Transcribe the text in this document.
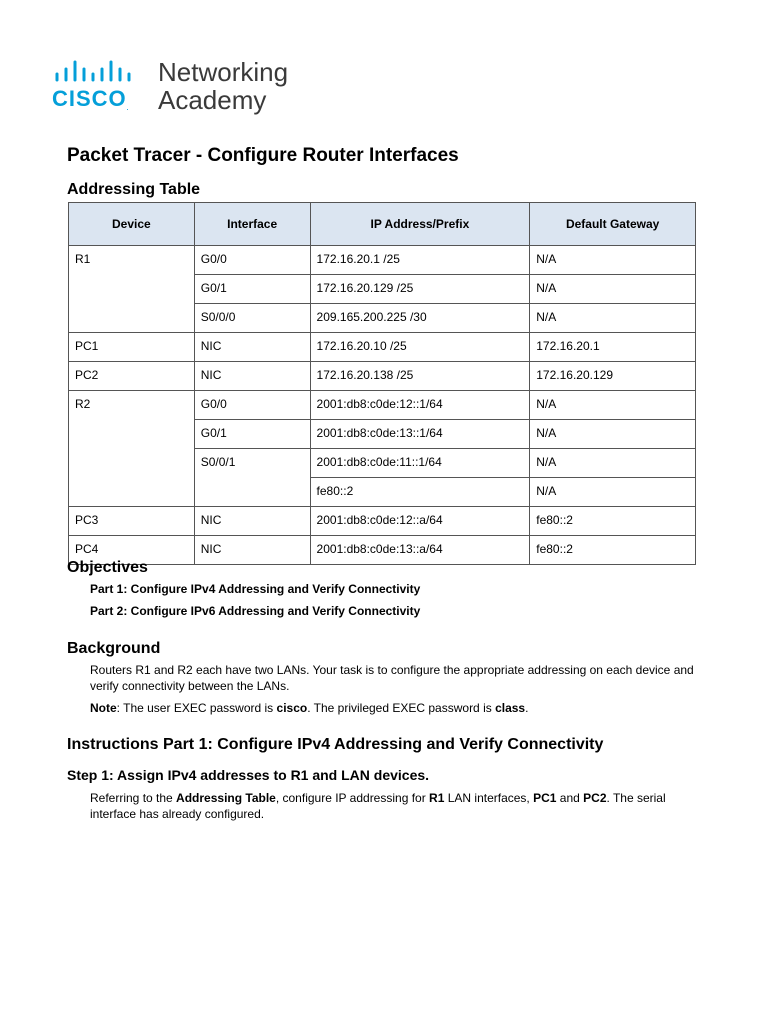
CISCO.
Networking
Academy
Packet Tracer - Configure Router Interfaces
Addressing Table
Device	Interface	IP Address/Prefix	Default Gateway
R1	G0/0	172.16.20.1 /25	N/A
	G0/1	172.16.20.129 /25	N/A
	S0/0/0	209.165.200.225 /30	N/A
PC1	NIC	172.16.20.10 /25	172.16.20.1
PC2	NIC	172.16.20.138 /25	172.16.20.129
R2	G0/0	2001:db8:c0de:12::1/64	N/A
	G0/1	2001:db8:c0de:13::1/64	N/A
	S0/0/1	2001:db8:c0de:11::1/64	N/A
		fe80::2	N/A
PC3	NIC	2001:db8:c0de:12::a/64	fe80::2
PC4	NIC	2001:db8:c0de:13::a/64	fe80::2
Objectives

Part 1: Configure IPv4 Addressing and Verify Connectivity

Part 2: Configure IPv6 Addressing and Verify Connectivity

Background

Routers R1 and R2 each have two LANs. Your task is to configure the appropriate addressing on each device and verify connectivity between the LANs.

Note: The user EXEC password is cisco. The privileged EXEC password is class.

Instructions Part 1: Configure IPv4 Addressing and Verify Connectivity
Step 1: Assign IPv4 addresses to R1 and LAN devices.

Referring to the Addressing Table, configure IP addressing for R1 LAN interfaces, PC1 and PC2. The serial interface has already configured.
